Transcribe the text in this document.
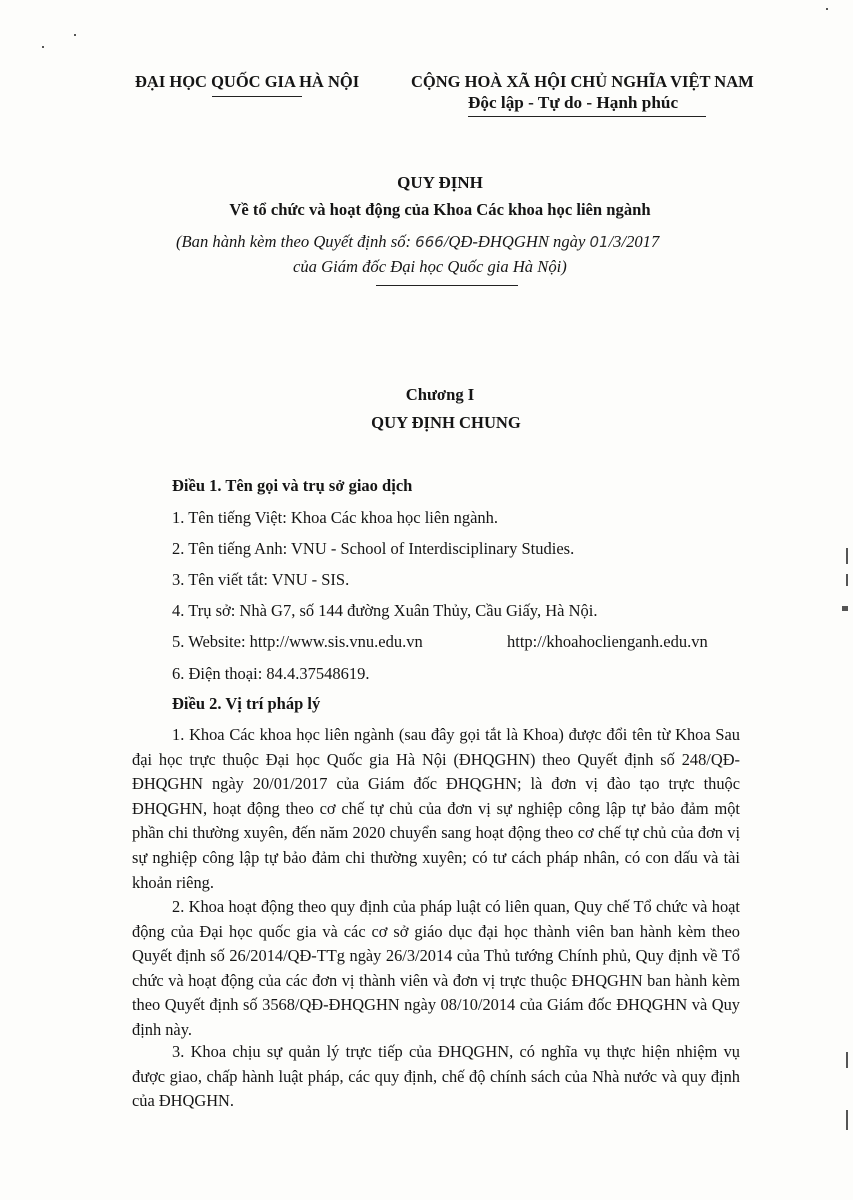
ĐẠI HỌC QUỐC GIA HÀ NỘI	CỘNG HOÀ XÃ HỘI CHỦ NGHĨA VIỆT NAM
Độc lập - Tự do - Hạnh phúc
QUY ĐỊNH
Về tổ chức và hoạt động của Khoa Các khoa học liên ngành
(Ban hành kèm theo Quyết định số: 666/QĐ-ĐHQGHN ngày 01/3/2017
của Giám đốc Đại học Quốc gia Hà Nội)
Chương I
QUY ĐỊNH CHUNG
Điều 1. Tên gọi và trụ sở giao dịch
1. Tên tiếng Việt: Khoa Các khoa học liên ngành.
2. Tên tiếng Anh: VNU - School of Interdisciplinary Studies.
3. Tên viết tắt: VNU - SIS.
4. Trụ sở: Nhà G7, số 144 đường Xuân Thủy, Cầu Giấy, Hà Nội.
5. Website: http://www.sis.vnu.edu.vn	http://khoahoclienganh.edu.vn
6. Điện thoại: 84.4.37548619.
Điều 2. Vị trí pháp lý
1. Khoa Các khoa học liên ngành (sau đây gọi tắt là Khoa) được đổi tên từ Khoa Sau đại học trực thuộc Đại học Quốc gia Hà Nội (ĐHQGHN) theo Quyết định số 248/QĐ-ĐHQGHN ngày 20/01/2017 của Giám đốc ĐHQGHN; là đơn vị đào tạo trực thuộc ĐHQGHN, hoạt động theo cơ chế tự chủ của đơn vị sự nghiệp công lập tự bảo đảm một phần chi thường xuyên, đến năm 2020 chuyển sang hoạt động theo cơ chế tự chủ của đơn vị sự nghiệp công lập tự bảo đảm chi thường xuyên; có tư cách pháp nhân, có con dấu và tài khoản riêng.
2. Khoa hoạt động theo quy định của pháp luật có liên quan, Quy chế Tổ chức và hoạt động của Đại học quốc gia và các cơ sở giáo dục đại học thành viên ban hành kèm theo Quyết định số 26/2014/QĐ-TTg ngày 26/3/2014 của Thủ tướng Chính phủ, Quy định về Tổ chức và hoạt động của các đơn vị thành viên và đơn vị trực thuộc ĐHQGHN ban hành kèm theo Quyết định số 3568/QĐ-ĐHQGHN ngày 08/10/2014 của Giám đốc ĐHQGHN và Quy định này.
3. Khoa chịu sự quản lý trực tiếp của ĐHQGHN, có nghĩa vụ thực hiện nhiệm vụ được giao, chấp hành luật pháp, các quy định, chế độ chính sách của Nhà nước và quy định của ĐHQGHN.
